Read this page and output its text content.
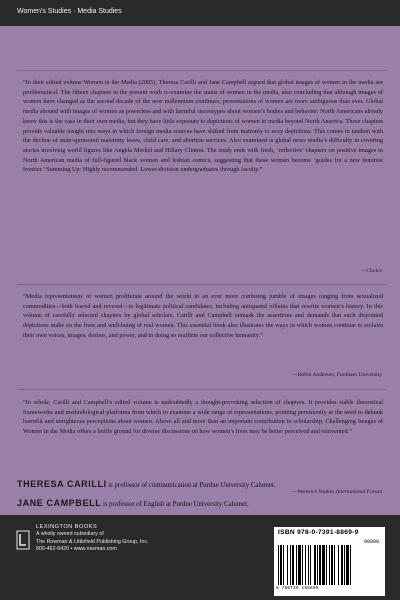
Women's Studies · Media Studies

“In their edited volume Women in the Media (2005), Theresa Carilli and Jane Campbell argued that global images of women in the media are problematical. The fifteen chapters in the present work re-examine the status of women in the media, also concluding that although images of women have changed as the second decade of the new millennium continues, presentations of women are more ambiguous than ever. Global media abound with images of women as powerless and with harmful stereotypes about women’s bodies and behavior. North Americans already know this is the case in their own media, but they have little exposure to depictions of women in media beyond North America. These chapters provide valuable insight into ways in which foreign media sources have shifted from matronly to sexy depictions. This comes in tandem with the decline of state-sponsored maternity leave, child care, and abortion services. Also examined is global news media’s difficulty in covering stories involving world figures like Angela Merkel and Hillary Clinton. The study ends with fresh, ‘reflective’ chapters on positive images in North American media of full-figured black women and lesbian comics, suggesting that these women become ‘guides for a new feminist frontier.’ Summing Up: Highly recommended. Lower-division undergraduates through faculty.”

—Choice

“Media representations of women proliferate around the world in an ever more confusing jumble of images ranging from sexualized commodities—both feared and revered—to legitimate political candidates, including antiquated villains that rewrite women’s history. In this volume of carefully selected chapters by global scholars, Carilli and Campbell unmask the assertions and demands that such disjointed depictions make on the lives and well-being of real women. This essential book also illustrates the ways in which women continue to reclaim their own voices, images, desires, and power, and in doing so reaffirm our collective humanity.”

—Robin Andersen, Fordham University

“In whole, Carilli and Campbell’s edited volume is undoubtedly a thought-provoking selection of chapters. It provides stable theoretical frameworks and methodological platforms from which to examine a wide range of representations, pointing persistently at the need to debunk harmful and unrighteous perceptions about women. Above all and more than an important contribution to scholarship, Challenging Images of Women in the Media offers a fertile ground for diverse discussions on how women’s lives may be better perceived and reinvented.”

—Women’s Studies International Forum
THERESA CARILLI is professor of communication at Purdue University Calumet.
JANE CAMPBELL is professor of English at Purdue University Calumet.
LEXINGTON BOOKS
A wholly owned subsidiary of
The Rowman & Littlefield Publishing Group, Inc.
800-462-6420 • www.rowman.com
ISBN 978-0-7391-8869-9
90000
9 780739 188699
